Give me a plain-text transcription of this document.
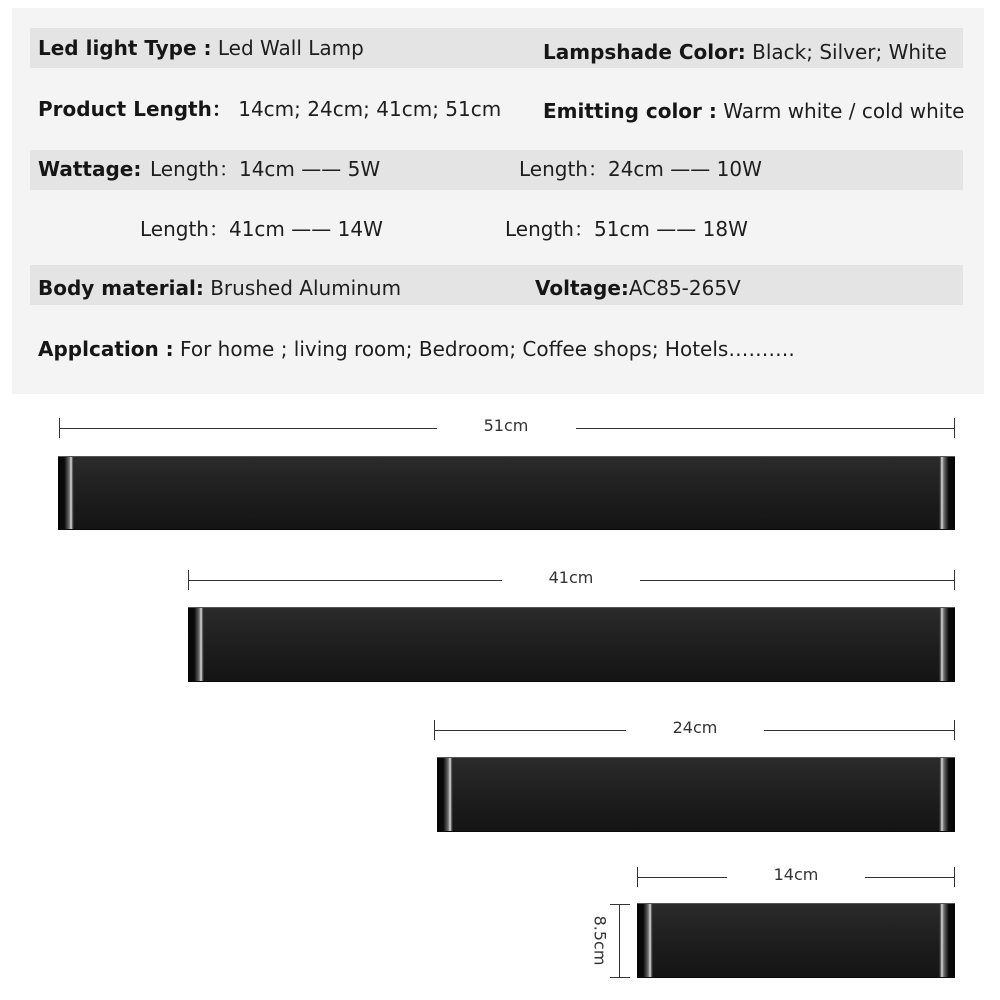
Led light Type : Led Wall Lamp	Lampshade Color: Black; Silver; White
Product Length： 14cm; 24cm; 41cm; 51cm Emitting color : Warm white / cold white
Wattage: Length：14cm —— 5W	Length：24cm —— 10W
Length：41cm —— 14W	Length：51cm —— 18W
Body material: Brushed Aluminum	Voltage:AC85-265V
Applcation : For home ; living room; Bedroom; Coffee shops; Hotels……….
51cm
41cm
24cm
14cm
8.5cm
